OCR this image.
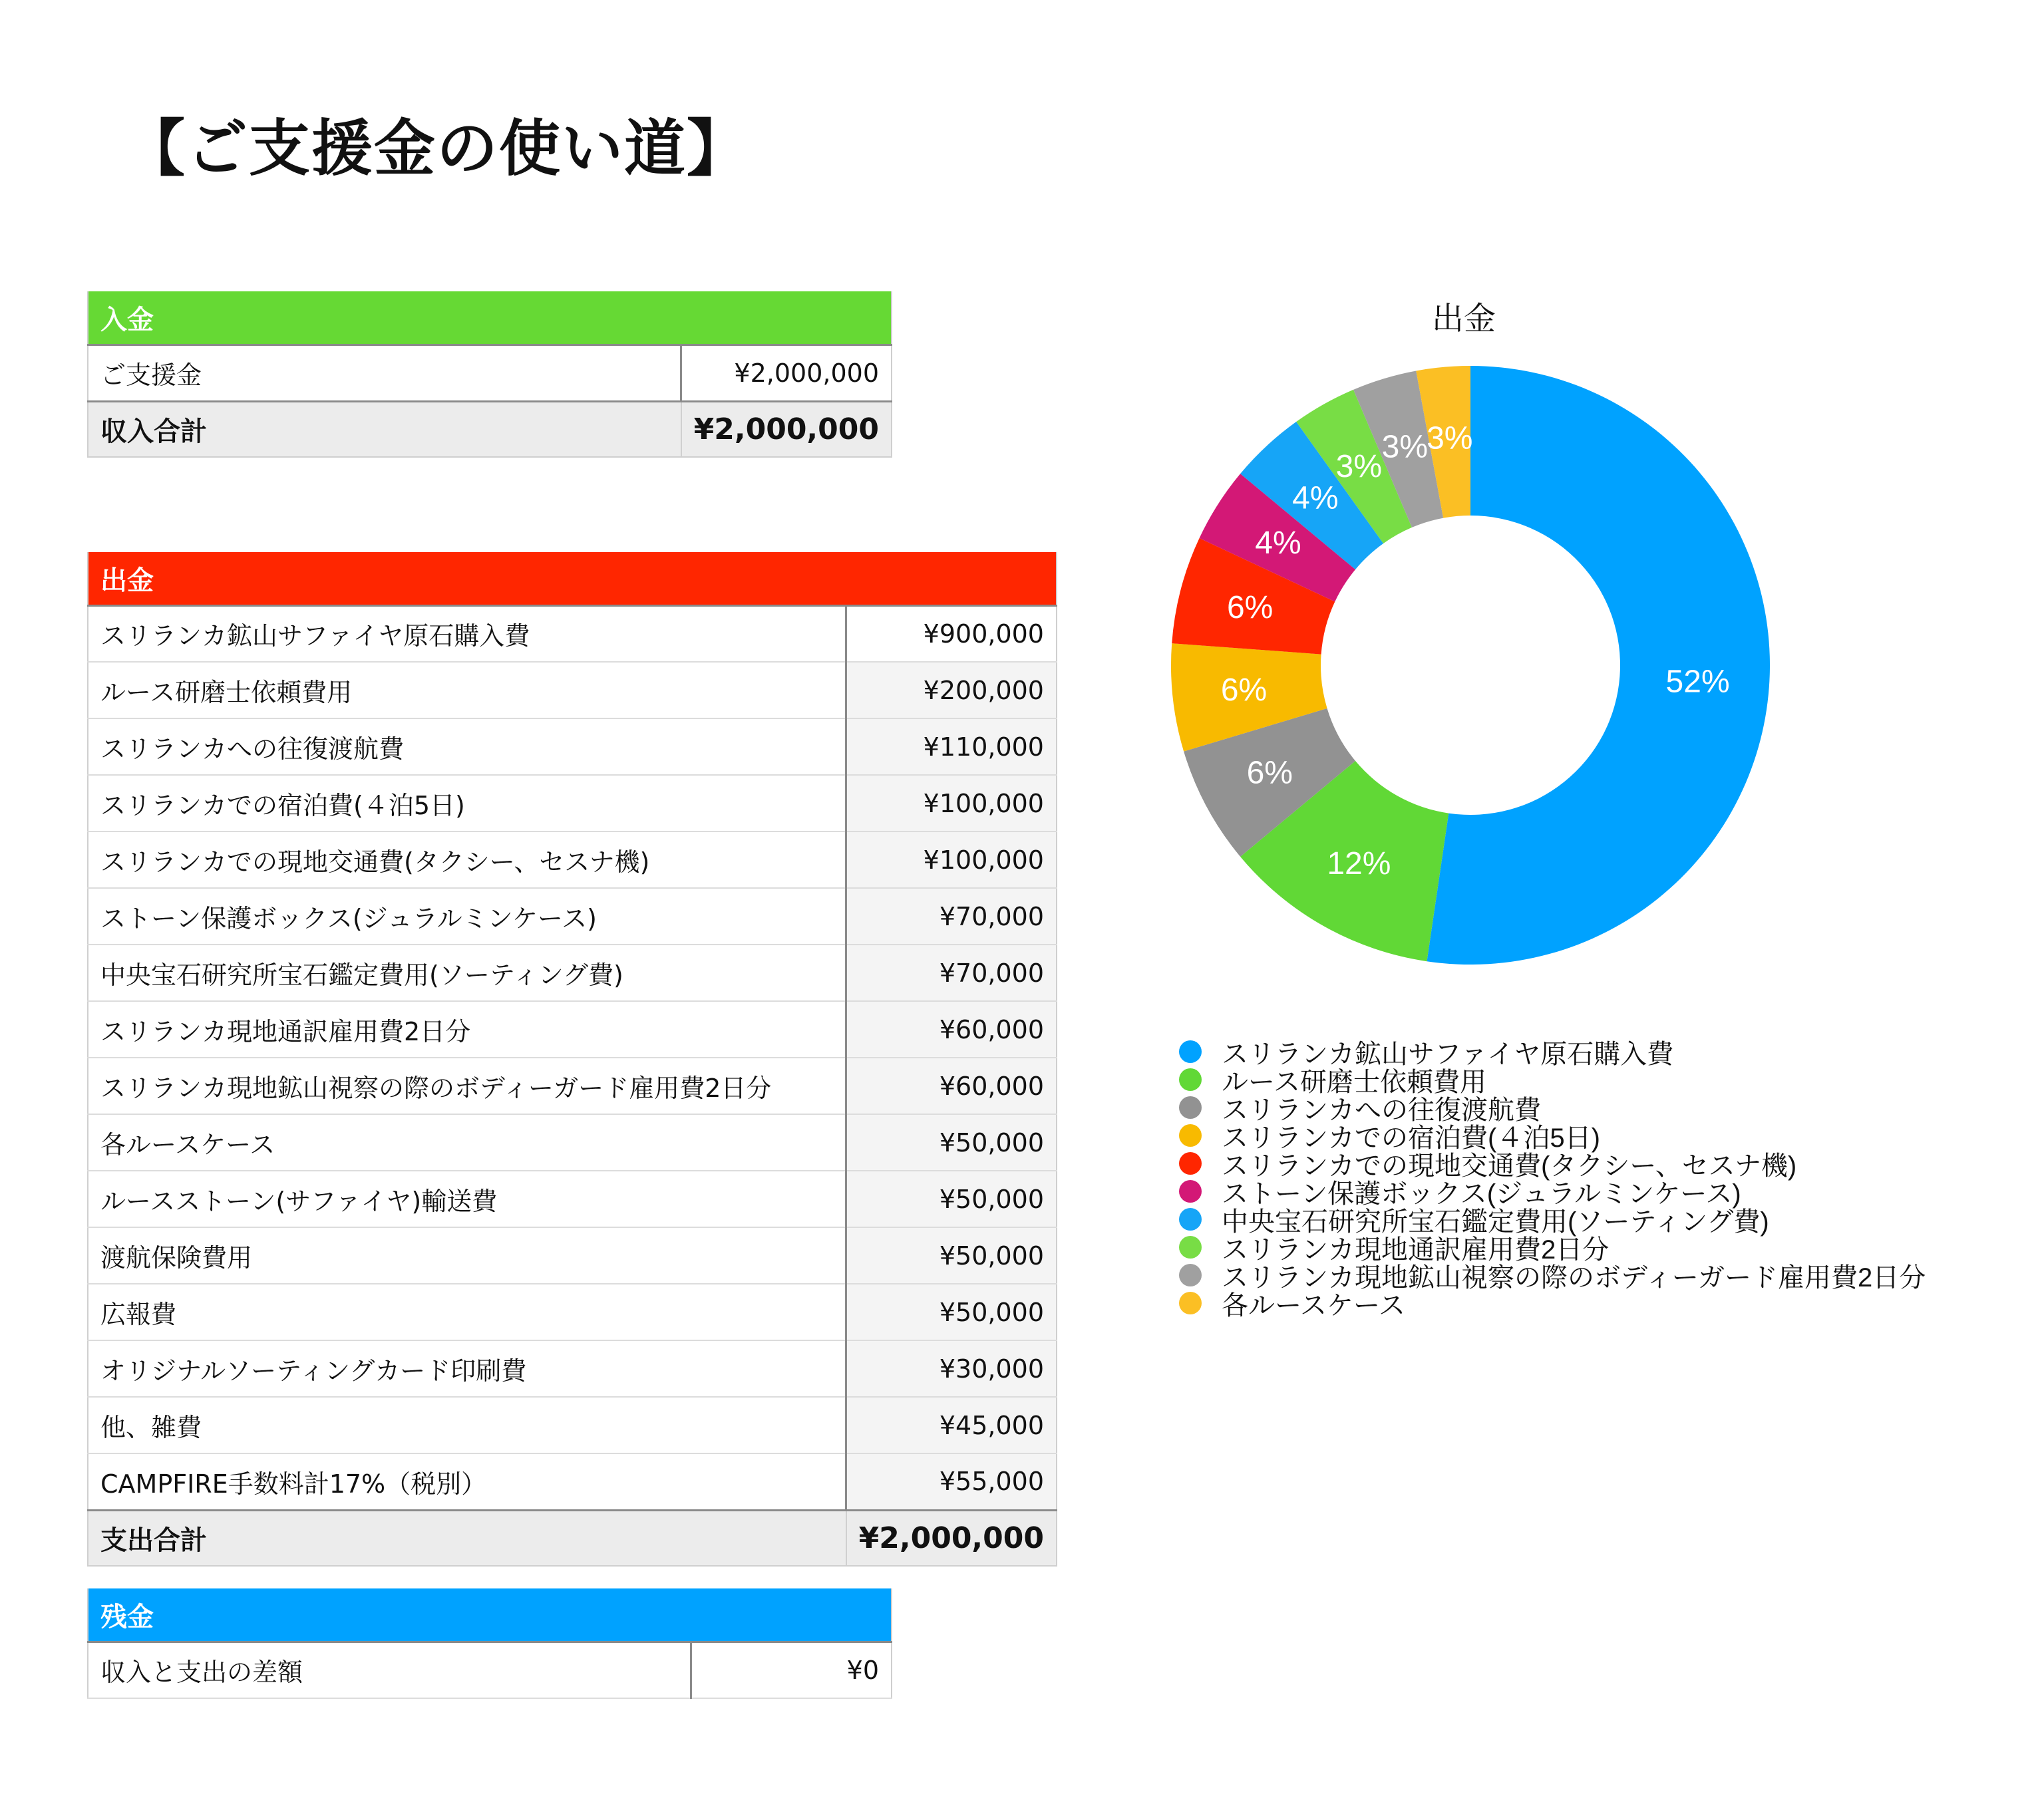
【ご支援金の使い道】
入金	
ご支援金	¥2,000,000
収入合計	¥2,000,000
出金	
スリランカ鉱山サファイヤ原石購入費	¥900,000
ルース研磨士依頼費用	¥200,000
スリランカへの往復渡航費	¥110,000
スリランカでの宿泊費(４泊5日)	¥100,000
スリランカでの現地交通費(タクシー、セスナ機)	¥100,000
ストーン保護ボックス(ジュラルミンケース)	¥70,000
中央宝石研究所宝石鑑定費用(ソーティング費)	¥70,000
スリランカ現地通訳雇用費2日分	¥60,000
スリランカ現地鉱山視察の際のボディーガード雇用費2日分	¥60,000
各ルースケース	¥50,000
ルースストーン(サファイヤ)輸送費	¥50,000
渡航保険費用	¥50,000
広報費	¥50,000
オリジナルソーティングカード印刷費	¥30,000
他、雑費	¥45,000
CAMPFIRE手数料計17%（税別）	¥55,000
支出合計	¥2,000,000
残金
収入と支出の差額	¥0
出金
52%
12%
6%
6%
6%
4%
4%
3%
3%
3%
スリランカ鉱山サファイヤ原石購入費
ルース研磨士依頼費用
スリランカへの往復渡航費
スリランカでの宿泊費(４泊5日)
スリランカでの現地交通費(タクシー、セスナ機)
ストーン保護ボックス(ジュラルミンケース)
中央宝石研究所宝石鑑定費用(ソーティング費)
スリランカ現地通訳雇用費2日分
スリランカ現地鉱山視察の際のボディーガード雇用費2日分
各ルースケース
